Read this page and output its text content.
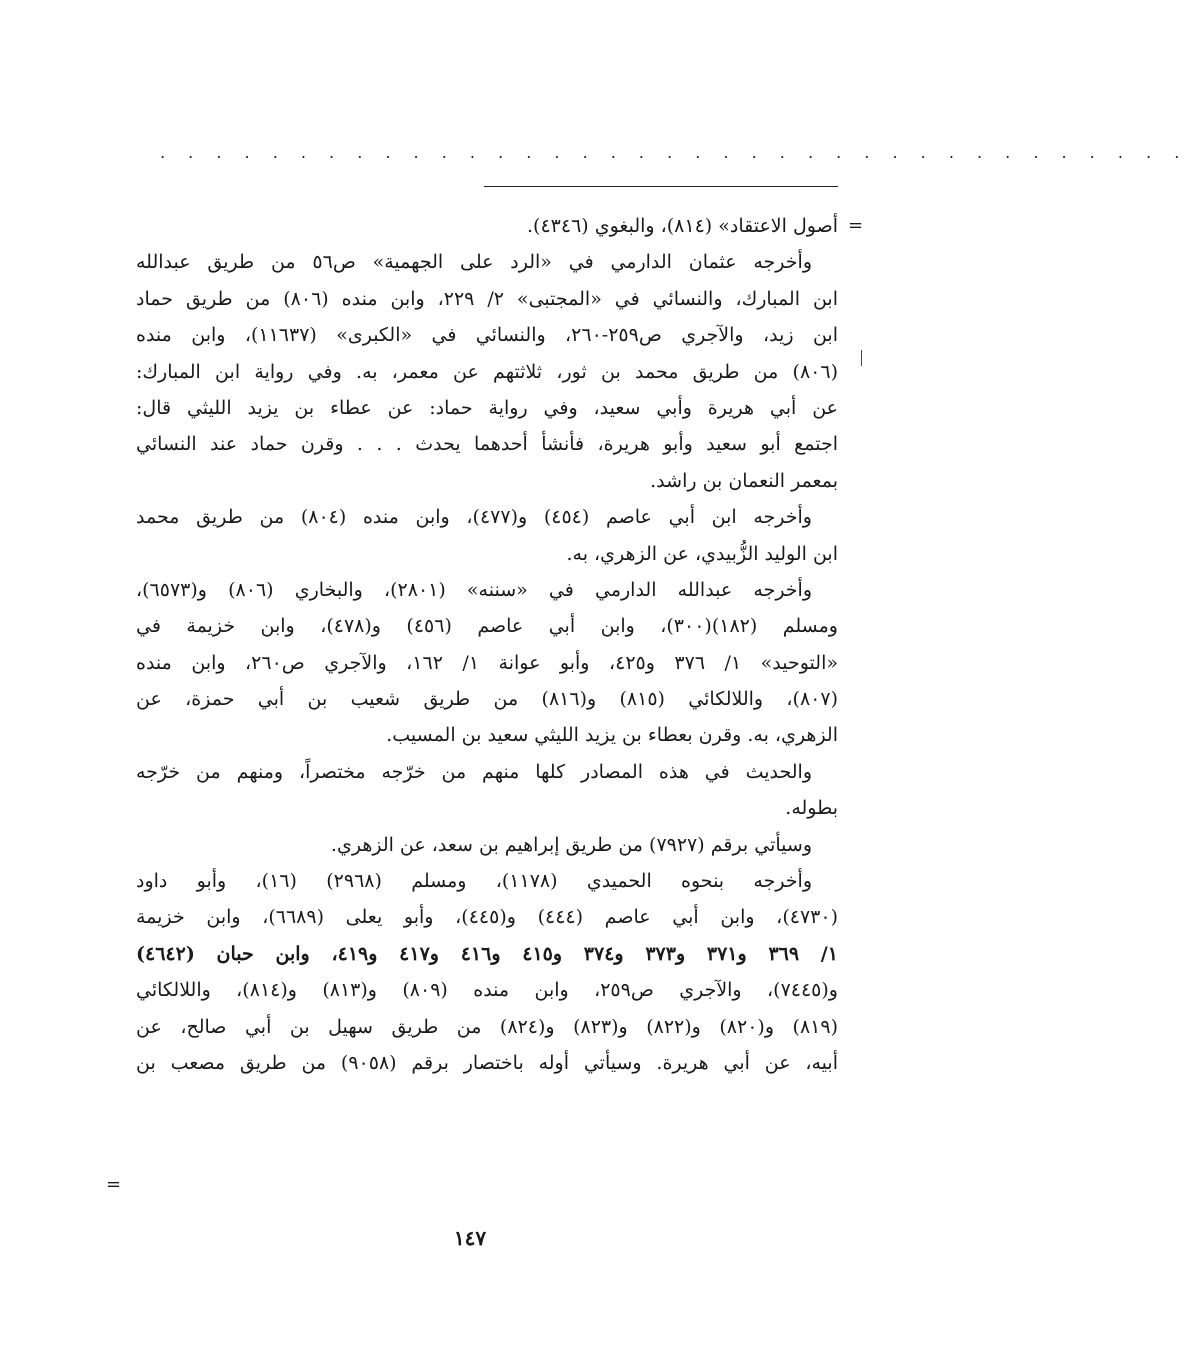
. . . . . . . . . . . . . . . . . . . . . . . . . . . . . . . . . . . . .
=
أصول الاعتقاد» (٨١٤)، والبغوي (٤٣٤٦).
وأخرجه عثمان الدارمي في «الرد على الجهمية» ص٥٦ من طريق عبدالله
ابن المبارك، والنسائي في «المجتبى» ٢/ ٢٢٩، وابن منده (٨٠٦) من طريق حماد
ابن زيد، والآجري ص٢٥٩-٢٦٠، والنسائي في «الكبرى» (١١٦٣٧)، وابن منده
(٨٠٦) من طريق محمد بن ثور، ثلاثتهم عن معمر، به. وفي رواية ابن المبارك:
عن أبي هريرة وأبي سعيد، وفي رواية حماد: عن عطاء بن يزيد الليثي قال:
اجتمع أبو سعيد وأبو هريرة، فأنشأ أحدهما يحدث . . . وقرن حماد عند النسائي
بمعمر النعمان بن راشد.
وأخرجه ابن أبي عاصم (٤٥٤) و(٤٧٧)، وابن منده (٨٠٤) من طريق محمد
ابن الوليد الزُّبيدي، عن الزهري، به.
وأخرجه عبدالله الدارمي في «سننه» (٢٨٠١)، والبخاري (٨٠٦) و(٦٥٧٣)،
ومسلم (١٨٢)(٣٠٠)، وابن أبي عاصم (٤٥٦) و(٤٧٨)، وابن خزيمة في
«التوحيد» ١/ ٣٧٦ و٤٢٥، وأبو عوانة ١/ ١٦٢، والآجري ص٢٦٠، وابن منده
(٨٠٧)، واللالكائي (٨١٥) و(٨١٦) من طريق شعيب بن أبي حمزة، عن
الزهري، به. وقرن بعطاء بن يزيد الليثي سعيد بن المسيب.
والحديث في هذه المصادر كلها منهم من خرّجه مختصراً، ومنهم من خرّجه
بطوله.
وسيأتي برقم (٧٩٢٧) من طريق إبراهيم بن سعد، عن الزهري.
وأخرجه بنحوه الحميدي (١١٧٨)، ومسلم (٢٩٦٨) (١٦)، وأبو داود
(٤٧٣٠)، وابن أبي عاصم (٤٤٤) و(٤٤٥)، وأبو يعلى (٦٦٨٩)، وابن خزيمة
١/ ٣٦٩ و٣٧١ و٣٧٣ و٣٧٤ و٤١٥ و٤١٦ و٤١٧ و٤١٩، وابن حبان (٤٦٤٢)
و(٧٤٤٥)، والآجري ص٢٥٩، وابن منده (٨٠٩) و(٨١٣) و(٨١٤)، واللالكائي
(٨١٩) و(٨٢٠) و(٨٢٢) و(٨٢٣) و(٨٢٤) من طريق سهيل بن أبي صالح، عن
أبيه، عن أبي هريرة. وسيأتي أوله باختصار برقم (٩٠٥٨) من طريق مصعب بن
=
١٤٧
